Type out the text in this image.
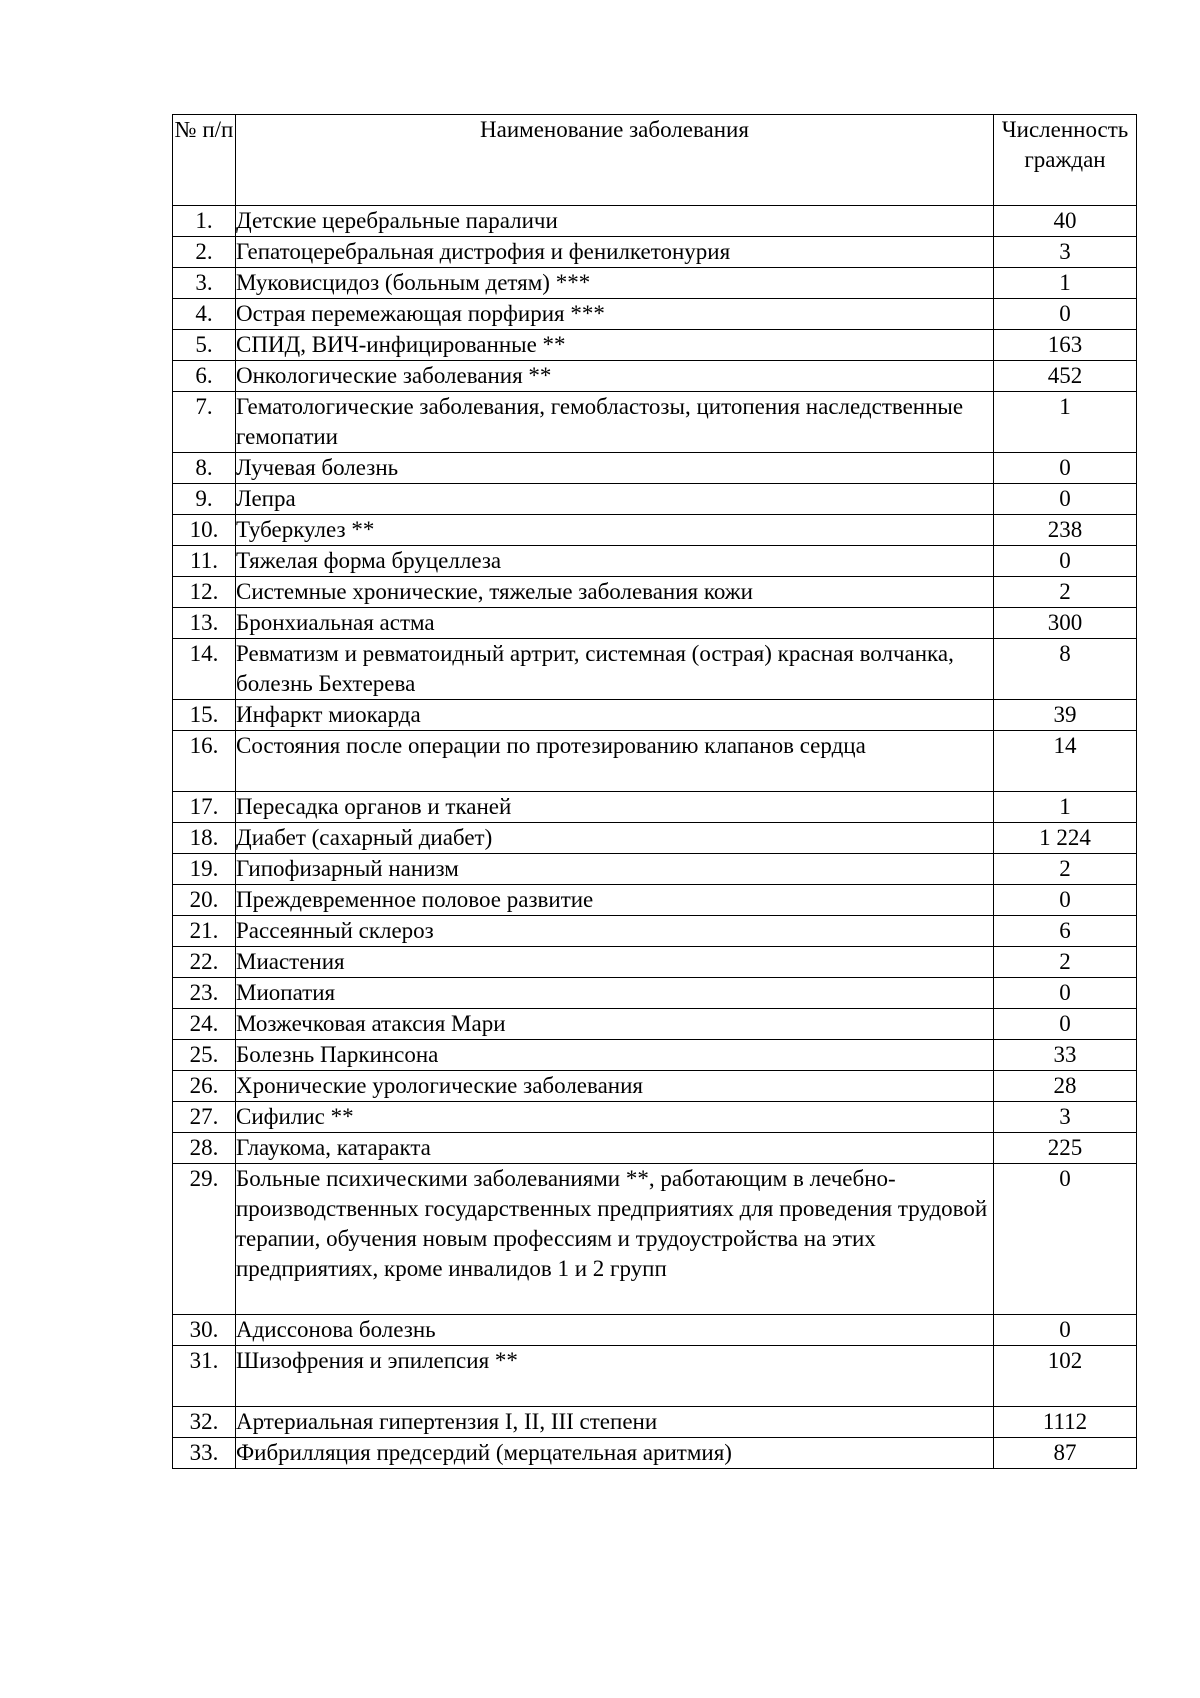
№ п/п	Наименование заболевания	Численность граждан
1.	Детские церебральные параличи	40
2.	Гепатоцеребральная дистрофия и фенилкетонурия	3
3.	Муковисцидоз (больным детям) ***	1
4.	Острая перемежающая порфирия ***	0
5.	СПИД, ВИЧ-инфицированные **	163
6.	Онкологические заболевания **	452
7.	Гематологические заболевания, гемобластозы, цитопения наследственные гемопатии	1
8.	Лучевая болезнь	0
9.	Лепра	0
10.	Туберкулез **	238
11.	Тяжелая форма бруцеллеза	0
12.	Системные хронические, тяжелые заболевания кожи	2
13.	Бронхиальная астма	300
14.	Ревматизм и ревматоидный артрит, системная (острая) красная волчанка, болезнь Бехтерева	8
15.	Инфаркт миокарда	39
16.	Состояния после операции по протезированию клапанов сердца	14
17.	Пересадка органов и тканей	1
18.	Диабет (сахарный диабет)	1 224
19.	Гипофизарный нанизм	2
20.	Преждевременное половое развитие	0
21.	Рассеянный склероз	6
22.	Миастения	2
23.	Миопатия	0
24.	Мозжечковая атаксия Мари	0
25.	Болезнь Паркинсона	33
26.	Хронические урологические заболевания	28
27.	Сифилис **	3
28.	Глаукома, катаракта	225
29.	Больные психическими заболеваниями **, работающим в лечебно-производственных государственных предприятиях для проведения трудовой терапии, обучения новым профессиям и трудоустройства на этих предприятиях, кроме инвалидов 1 и 2 групп	0
30.	Адиссонова болезнь	0
31.	Шизофрения и эпилепсия **	102
32.	Артериальная гипертензия I, II, III степени	1112
33.	Фибрилляция предсердий (мерцательная аритмия)	87
